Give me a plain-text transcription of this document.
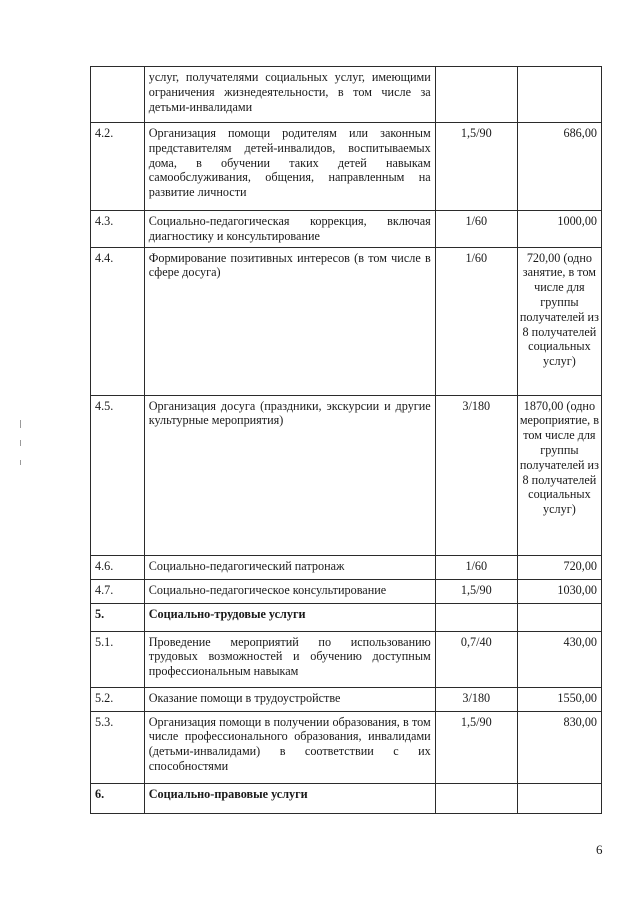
	услуг, получателями социальных услуг, имеющими ограничения жизнедеятельности, в том числе за детьми-инвалидами		
4.2.	Организация помощи родителям или законным представителям детей-инвалидов, воспитываемых дома, в обучении таких детей навыкам самообслуживания, общения, направленным на развитие личности	1,5/90	686,00
4.3.	Социально-педагогическая коррекция, включая диагностику и консультирование	1/60	1000,00
4.4.	Формирование позитивных интересов (в том числе в сфере досуга)	1/60	720,00 (одно занятие, в том числе для группы получателей из 8 получателей социальных услуг)
4.5.	Организация досуга (праздники, экскурсии и другие культурные мероприятия)	3/180	1870,00 (одно мероприятие, в том числе для группы получателей из 8 получателей социальных услуг)
4.6.	Социально-педагогический патронаж	1/60	720,00
4.7.	Социально-педагогическое консультирование	1,5/90	1030,00
5.	Социально-трудовые услуги		
5.1.	Проведение мероприятий по использованию трудовых возможностей и обучению доступным профессиональным навыкам	0,7/40	430,00
5.2.	Оказание помощи в трудоустройстве	3/180	1550,00
5.3.	Организация помощи в получении образования, в том числе профессионального образования, инвалидами (детьми-инвалидами) в соответствии с их способностями	1,5/90	830,00
6.	Социально-правовые услуги		
6
